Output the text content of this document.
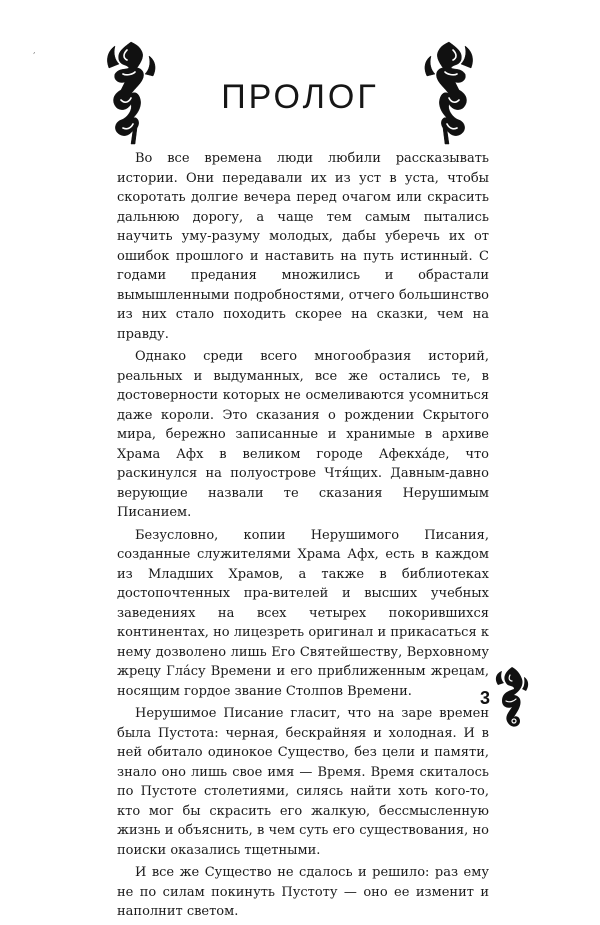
,
ПРОЛОГ

Во все времена люди любили рассказывать истории. Они передавали их из уст в уста, чтобы скоротать долгие вечера перед очагом или скрасить дальнюю дорогу, а чаще тем самым пытались научить уму-разуму молодых, дабы уберечь их от ошибок прошлого и наставить на путь истинный. С годами предания множились и обрастали вымышленными подробностями, отчего большинство из них стало походить скорее на сказки, чем на правду.

Однако среди всего многообразия историй, реальных и выдуманных, все же остались те, в достоверности которых не осмеливаются усомниться даже короли. Это сказания о рождении Скрытого мира, бережно записанные и хранимые в архиве Храма Афх в великом городе Афекха́де, что раскинулся на полуострове Чтя́щих. Давным-давно верующие назвали те сказания Нерушимым Писанием.

Безусловно, копии Нерушимого Писания, созданные служителями Храма Афх, есть в каждом из Младших Храмов, а также в библиотеках достопочтенных пра-вителей и высших учебных заведениях на всех четырех покорившихся континентах, но лицезреть оригинал и прикасаться к нему дозволено лишь Его Святейшеству, Верховному жрецу Гла́су Времени и его приближенным жрецам, носящим гордое звание Столпов Времени.

Нерушимое Писание гласит, что на заре времен была Пустота: черная, бескрайняя и холодная. И в ней обитало одинокое Существо, без цели и памяти, знало оно лишь свое имя — Время. Время скиталось по Пустоте столетиями, силясь найти хоть кого-то, кто мог бы скрасить его жалкую, бессмысленную жизнь и объяснить, в чем суть его существования, но поиски оказались тщетными.

И все же Существо не сдалось и решило: раз ему не по силам покинуть Пустоту — оно ее изменит и наполнит светом.

3
